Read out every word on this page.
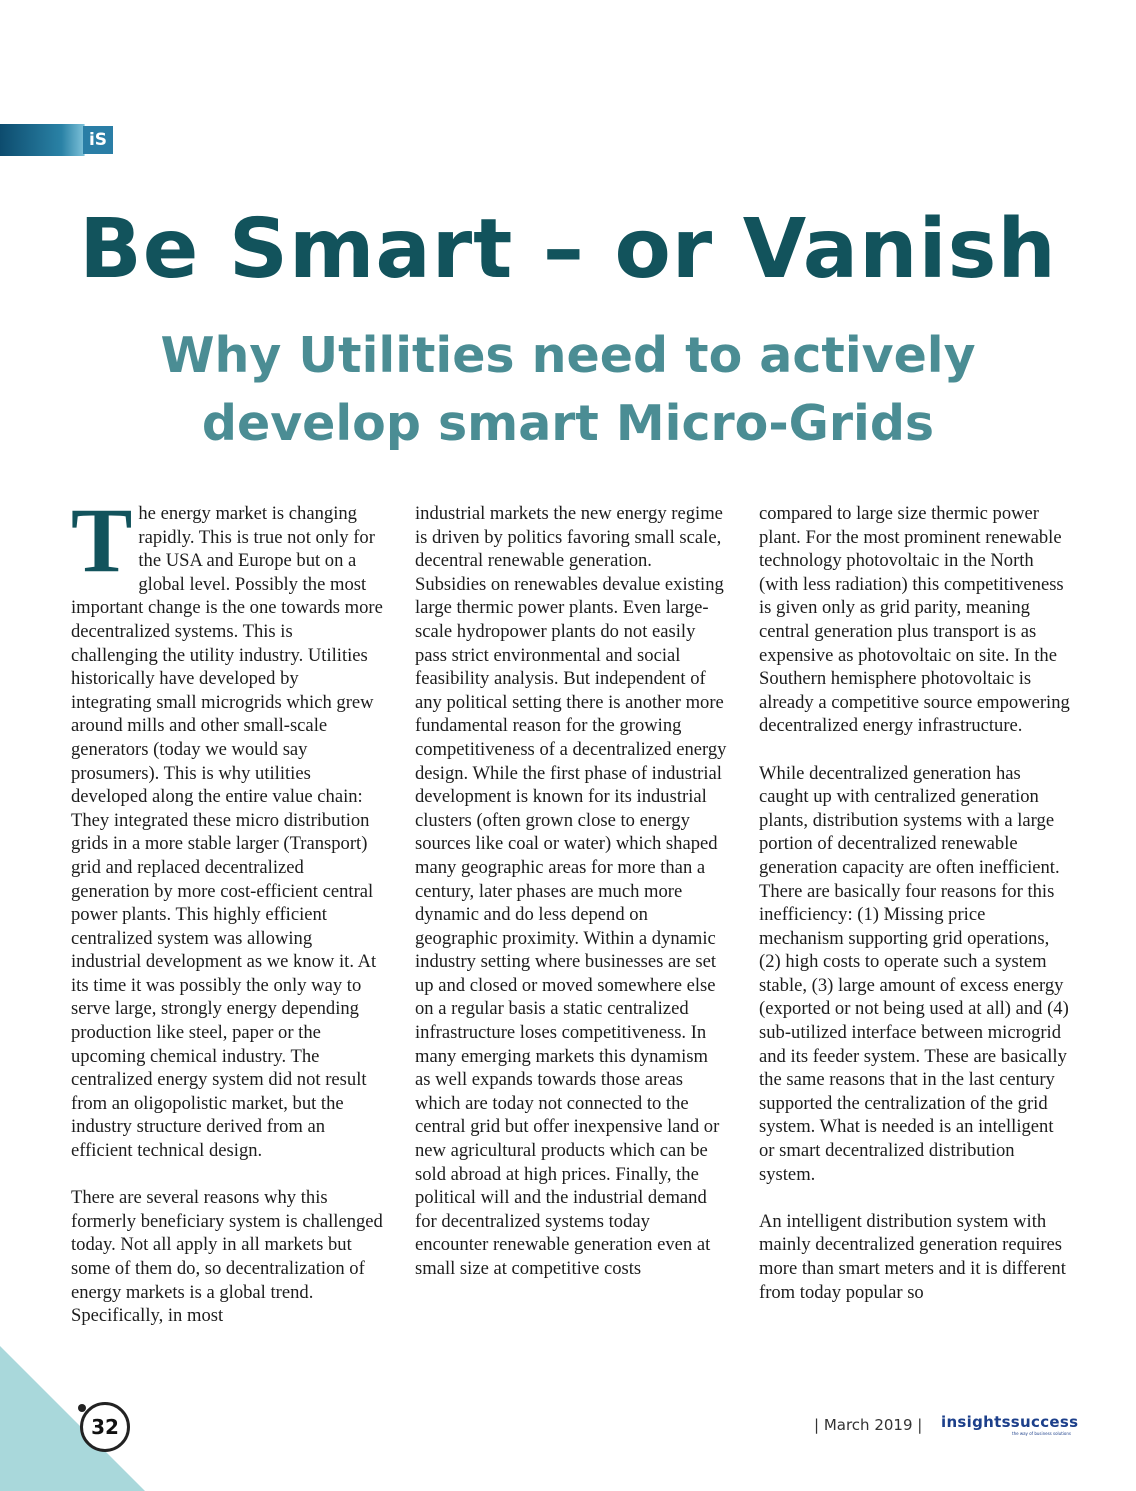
iS
Be Smart – or Vanish
Why Utilities need to actively develop smart Micro-Grids

The energy market is changing rapidly. This is true not only for the USA and Europe but on a global level. Possibly the most important change is the one towards more decentralized systems. This is challenging the utility industry. Utilities historically have developed by integrating small microgrids which grew around mills and other small-scale generators (today we would say prosumers). This is why utilities developed along the entire value chain: They integrated these micro distribution grids in a more stable larger (Transport) grid and replaced decentralized generation by more cost-efficient central power plants. This highly efficient centralized system was allowing industrial development as we know it. At its time it was possibly the only way to serve large, strongly energy depending production like steel, paper or the upcoming chemical industry. The centralized energy system did not result from an oligopolistic market, but the industry structure derived from an efficient technical design.

There are several reasons why this formerly beneficiary system is challenged today. Not all apply in all markets but some of them do, so decentralization of energy markets is a global trend. Specifically, in most

industrial markets the new energy regime is driven by politics favoring small scale, decentral renewable generation. Subsidies on renewables devalue existing large thermic power plants. Even large-scale hydropower plants do not easily pass strict environmental and social feasibility analysis. But independent of any political setting there is another more fundamental reason for the growing competitiveness of a decentralized energy design. While the first phase of industrial development is known for its industrial clusters (often grown close to energy sources like coal or water) which shaped many geographic areas for more than a century, later phases are much more dynamic and do less depend on geographic proximity. Within a dynamic industry setting where businesses are set up and closed or moved somewhere else on a regular basis a static centralized infrastructure loses competitiveness. In many emerging markets this dynamism as well expands towards those areas which are today not connected to the central grid but offer inexpensive land or new agricultural products which can be sold abroad at high prices. Finally, the political will and the industrial demand for decentralized systems today encounter renewable generation even at small size at competitive costs

compared to large size thermic power plant. For the most prominent renewable technology photovoltaic in the North (with less radiation) this competitiveness is given only as grid parity, meaning central generation plus transport is as expensive as photovoltaic on site. In the Southern hemisphere photovoltaic is already a competitive source empowering decentralized energy infrastructure.

While decentralized generation has caught up with centralized generation plants, distribution systems with a large portion of decentralized renewable generation capacity are often inefficient. There are basically four reasons for this inefficiency: (1) Missing price mechanism supporting grid operations, (2) high costs to operate such a system stable, (3) large amount of excess energy (exported or not being used at all) and (4) sub-utilized interface between microgrid and its feeder system. These are basically the same reasons that in the last century supported the centralization of the grid system. What is needed is an intelligent or smart decentralized distribution system.

An intelligent distribution system with mainly decentralized generation requires more than smart meters and it is different from today popular so

32	| March 2019 | insightssuccess
the way of business solutions
